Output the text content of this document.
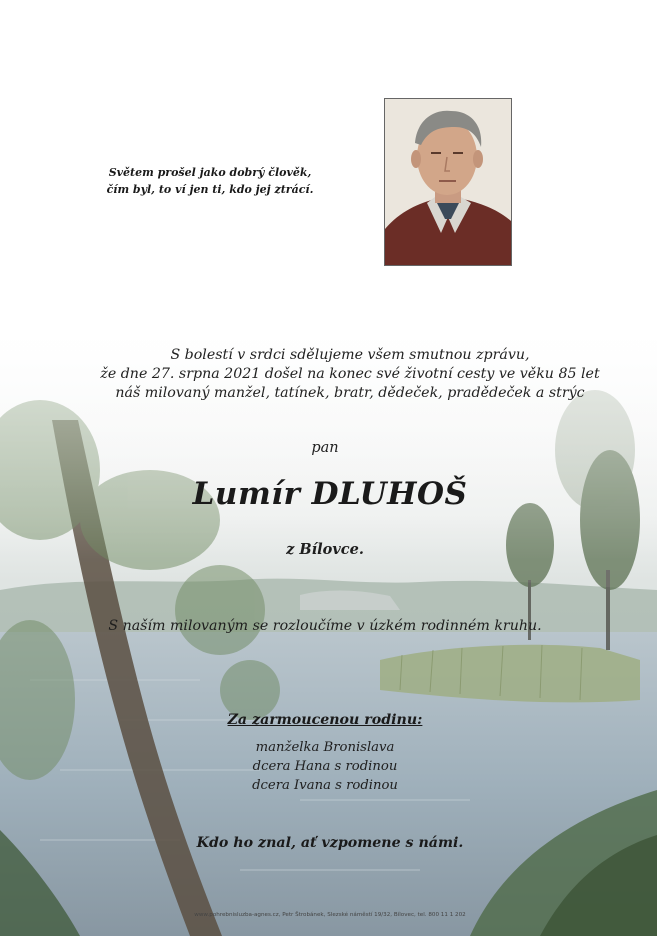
Světem prošel jako dobrý člověk,
čím byl, to ví jen ti, kdo jej ztrácí.
S bolestí v srdci sdělujeme všem smutnou zprávu,
že dne 27. srpna 2021 došel na konec své životní cesty ve věku 85 let
náš milovaný manžel, tatínek, bratr, dědeček, pradědeček a strýc
pan
Lumír DLUHOŠ
z Bílovce.
S naším milovaným se rozloučíme v úzkém rodinném kruhu.
Za zarmoucenou rodinu:
manželka Bronislava
dcera Hana s rodinou
dcera Ivana s rodinou
Kdo ho znal, ať vzpomene s námi.
www.pohrebnisluzba-agnes.cz, Petr Štrobánek, Slezské náměstí 19/32, Bílovec, tel. 800 11 1 202
